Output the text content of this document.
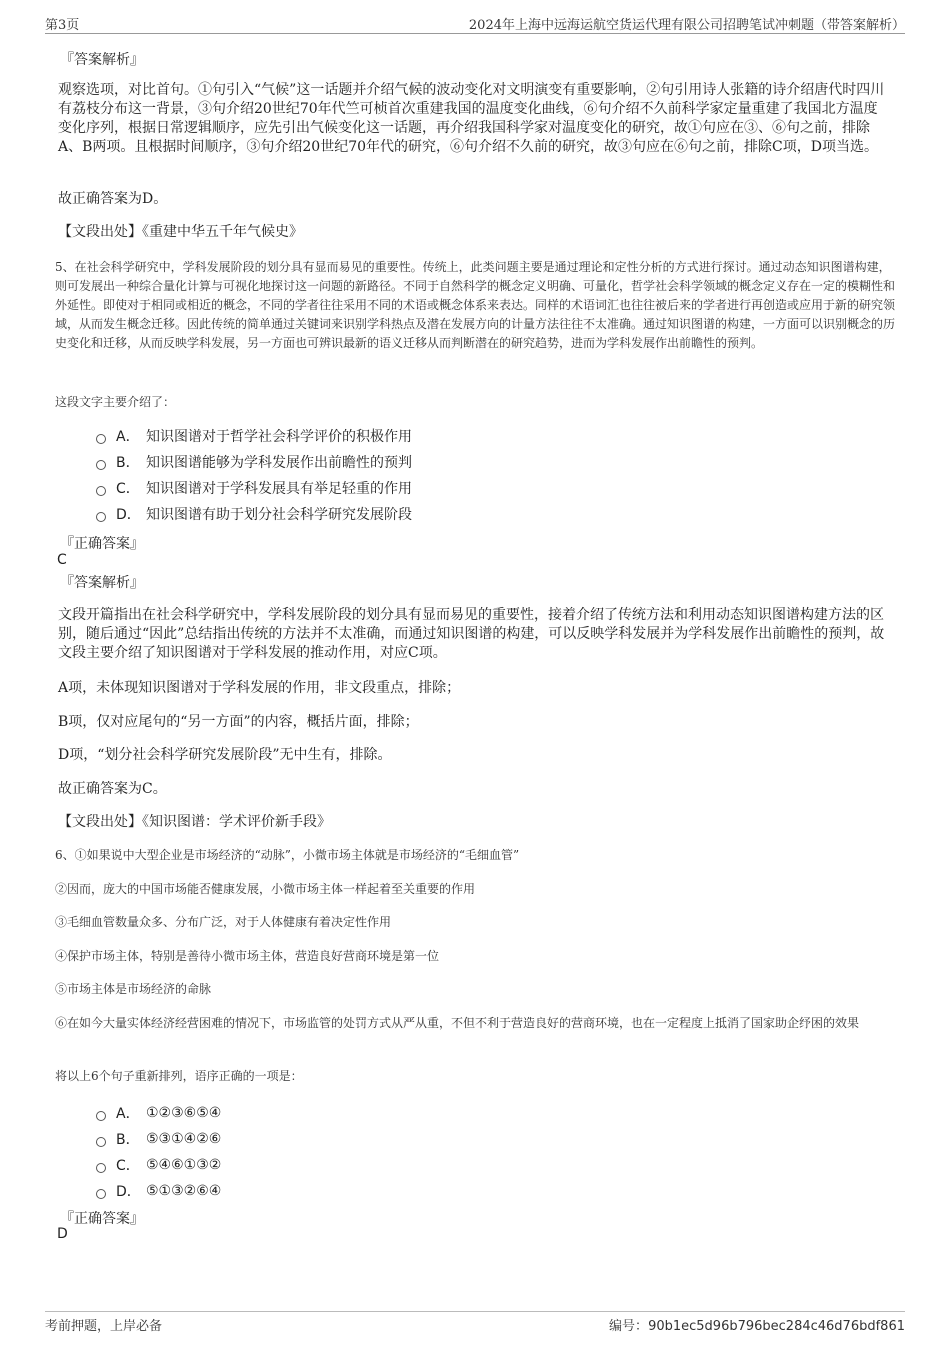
第3页	2024年上海中远海运航空货运代理有限公司招聘笔试冲刺题（带答案解析）
『答案解析』
观察选项，对比首句。①句引入“气候”这一话题并介绍气候的波动变化对文明演变有重要影响，②句引用诗人张籍的诗介绍唐代时四川有荔枝分布这一背景，③句介绍20世纪70年代竺可桢首次重建我国的温度变化曲线，⑥句介绍不久前科学家定量重建了我国北方温度变化序列，根据日常逻辑顺序，应先引出气候变化这一话题，再介绍我国科学家对温度变化的研究，故①句应在③、⑥句之前，排除A、B两项。且根据时间顺序，③句介绍20世纪70年代的研究，⑥句介绍不久前的研究，故③句应在⑥句之前，排除C项，D项当选。
故正确答案为D。
【文段出处】《重建中华五千年气候史》
5、在社会科学研究中，学科发展阶段的划分具有显而易见的重要性。传统上，此类问题主要是通过理论和定性分析的方式进行探讨。通过动态知识图谱构建，则可发展出一种综合量化计算与可视化地探讨这一问题的新路径。不同于自然科学的概念定义明确、可量化，哲学社会科学领域的概念定义存在一定的模糊性和外延性。即使对于相同或相近的概念，不同的学者往往采用不同的术语或概念体系来表达。同样的术语词汇也往往被后来的学者进行再创造或应用于新的研究领域，从而发生概念迁移。因此传统的简单通过关键词来识别学科热点及潜在发展方向的计量方法往往不太准确。通过知识图谱的构建，一方面可以识别概念的历史变化和迁移，从而反映学科发展，另一方面也可辨识最新的语义迁移从而判断潜在的研究趋势，进而为学科发展作出前瞻性的预判。
这段文字主要介绍了：
A． 知识图谱对于哲学社会科学评价的积极作用
B． 知识图谱能够为学科发展作出前瞻性的预判
C． 知识图谱对于学科发展具有举足轻重的作用
D． 知识图谱有助于划分社会科学研究发展阶段
『正确答案』
C
『答案解析』
文段开篇指出在社会科学研究中，学科发展阶段的划分具有显而易见的重要性，接着介绍了传统方法和利用动态知识图谱构建方法的区别，随后通过“因此”总结指出传统的方法并不太准确，而通过知识图谱的构建，可以反映学科发展并为学科发展作出前瞻性的预判，故文段主要介绍了知识图谱对于学科发展的推动作用，对应C项。
A项，未体现知识图谱对于学科发展的作用，非文段重点，排除；
B项，仅对应尾句的“另一方面”的内容，概括片面，排除；
D项，“划分社会科学研究发展阶段”无中生有，排除。
故正确答案为C。
【文段出处】《知识图谱：学术评价新手段》
6、①如果说中大型企业是市场经济的“动脉”，小微市场主体就是市场经济的“毛细血管”
②因而，庞大的中国市场能否健康发展，小微市场主体一样起着至关重要的作用
③毛细血管数量众多、分布广泛，对于人体健康有着决定性作用
④保护市场主体，特别是善待小微市场主体，营造良好营商环境是第一位
⑤市场主体是市场经济的命脉
⑥在如今大量实体经济经营困难的情况下，市场监管的处罚方式从严从重，不但不利于营造良好的营商环境，也在一定程度上抵消了国家助企纾困的效果
将以上6个句子重新排列，语序正确的一项是：
A． ①②③⑥⑤④
B． ⑤③①④②⑥
C． ⑤④⑥①③②
D． ⑤①③②⑥④
『正确答案』
D
考前押题，上岸必备	编号：90b1ec5d96b796bec284c46d76bdf861
